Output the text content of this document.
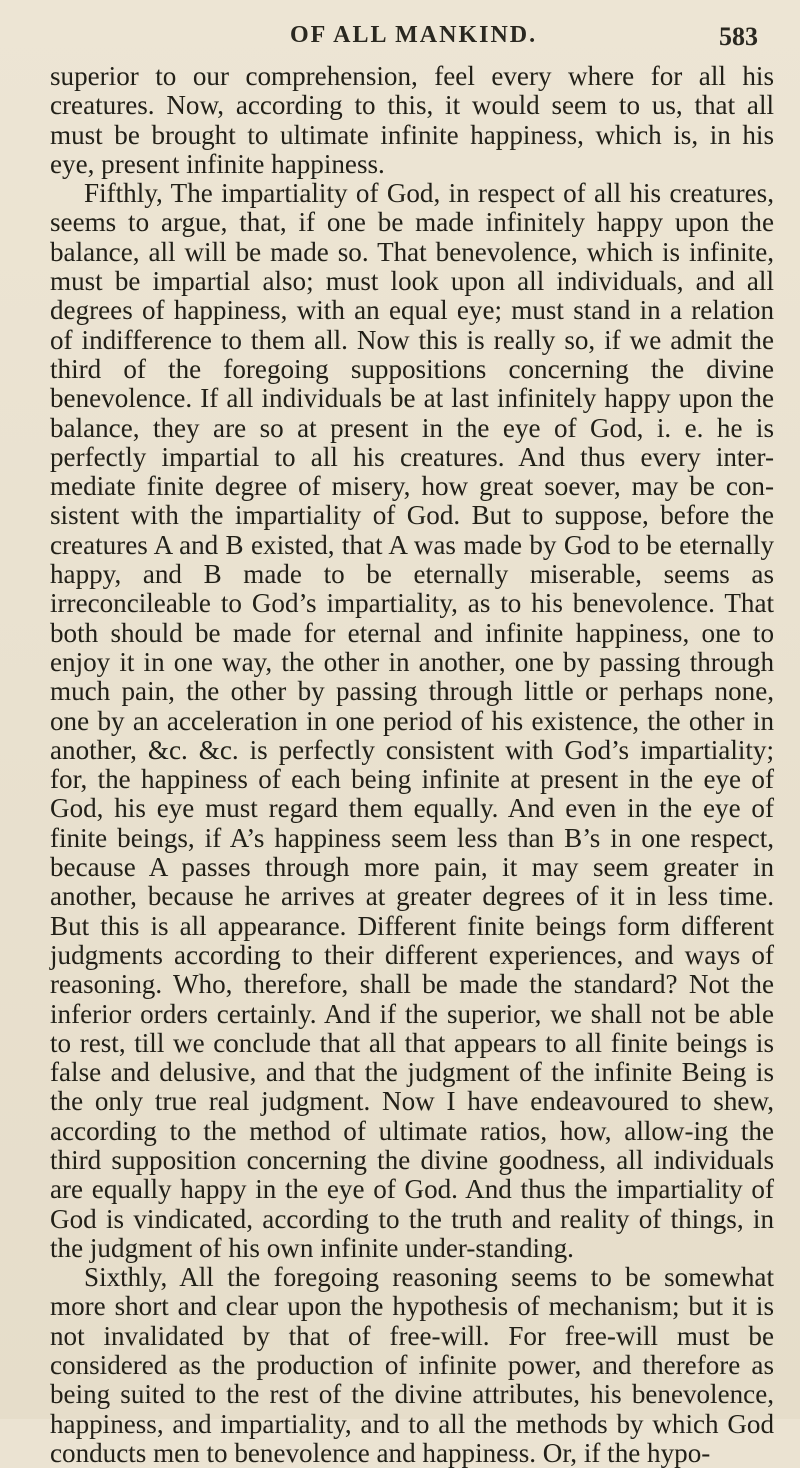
OF ALL MANKIND.	583

superior to our comprehension, feel every where for all his creatures. Now, according to this, it would seem to us, that all must be brought to ultimate infinite happiness, which is, in his eye, present infinite happiness.

Fifthly, The impartiality of God, in respect of all his creatures, seems to argue, that, if one be made infinitely happy upon the balance, all will be made so. That benevolence, which is infinite, must be impartial also; must look upon all individuals, and all degrees of happiness, with an equal eye; must stand in a relation of indifference to them all. Now this is really so, if we admit the third of the foregoing suppositions concerning the divine benevolence. If all individuals be at last infinitely happy upon the balance, they are so at present in the eye of God, i. e. he is perfectly impartial to all his creatures. And thus every inter-mediate finite degree of misery, how great soever, may be con-sistent with the impartiality of God. But to suppose, before the creatures A and B existed, that A was made by God to be eternally happy, and B made to be eternally miserable, seems as irreconcileable to God’s impartiality, as to his benevolence. That both should be made for eternal and infinite happiness, one to enjoy it in one way, the other in another, one by passing through much pain, the other by passing through little or perhaps none, one by an acceleration in one period of his existence, the other in another, &c. &c. is perfectly consistent with God’s impartiality; for, the happiness of each being infinite at present in the eye of God, his eye must regard them equally. And even in the eye of finite beings, if A’s happiness seem less than B’s in one respect, because A passes through more pain, it may seem greater in another, because he arrives at greater degrees of it in less time. But this is all appearance. Different finite beings form different judgments according to their different experiences, and ways of reasoning. Who, therefore, shall be made the standard? Not the inferior orders certainly. And if the superior, we shall not be able to rest, till we conclude that all that appears to all finite beings is false and delusive, and that the judgment of the infinite Being is the only true real judgment. Now I have endeavoured to shew, according to the method of ultimate ratios, how, allow-ing the third supposition concerning the divine goodness, all individuals are equally happy in the eye of God. And thus the impartiality of God is vindicated, according to the truth and reality of things, in the judgment of his own infinite under-standing.

Sixthly, All the foregoing reasoning seems to be somewhat more short and clear upon the hypothesis of mechanism; but it is not invalidated by that of free-will. For free-will must be considered as the production of infinite power, and therefore as being suited to the rest of the divine attributes, his benevolence, happiness, and impartiality, and to all the methods by which God conducts men to benevolence and happiness. Or, if the hypo-
